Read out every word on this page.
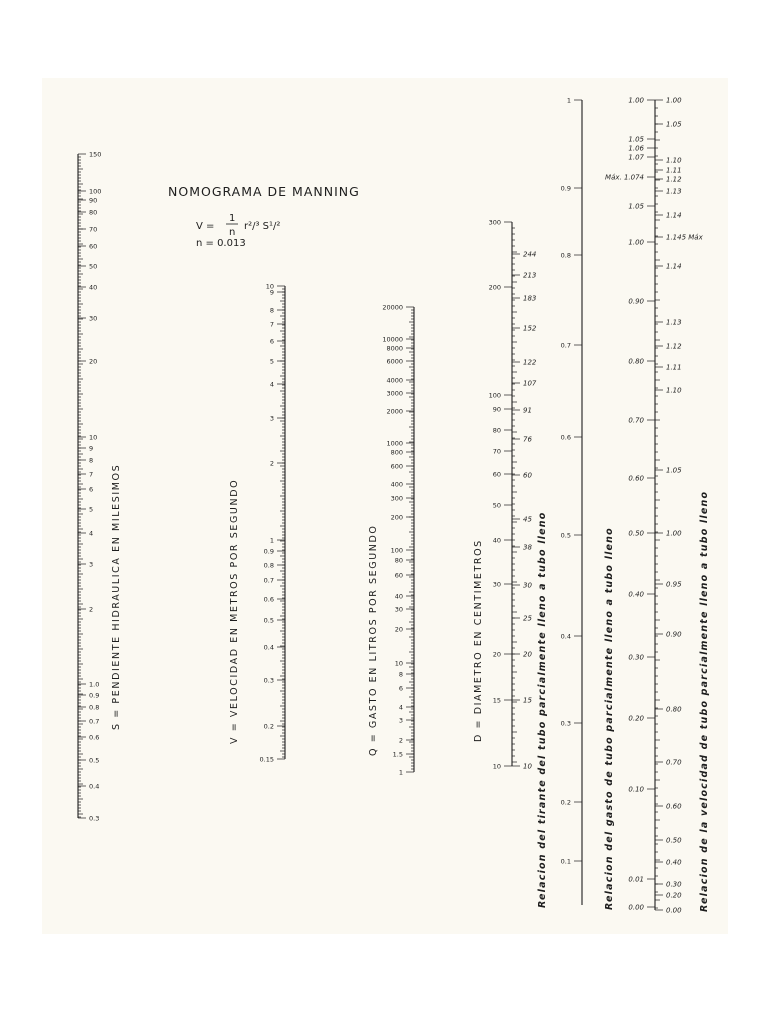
NOMOGRAMA DE MANNING
V =
1
n
r²/³ S¹/²
n = 0.013
S = PENDIENTE HIDRAULICA EN MILESIMOS	V = VELOCIDAD EN METROS POR SEGUNDO	Q = GASTO EN LITROS POR SEGUNDO	D = DIAMETRO EN CENTIMETROS	Relacion del tirante del tubo parcialmente lleno a tubo lleno	Relacion del gasto de tubo parcialmente lleno a tubo lleno	Relacion de la velocidad de tubo parcialmente lleno a tubo lleno
150
100
90
80
70
60
50
40
30
20
10
9
8
7
6
5
4
3
2
1.0
0.9
0.8
0.7
0.6
0.5
0.4
0.3
10
9
8
7
6
5
4
3
2
1
0.9
0.8
0.7
0.6
0.5
0.4
0.3
0.2
0.15
20000
10000
8000
6000
4000
3000
2000
1000
800
600
400
300
200
100
80
60
40
30
20
10
8
6
4
3
2
1.5
1
300
200
100
90
80
70
60
50
40
30
20
15
10
244
213
183
152
122
107
91
76
60
45
38
30
25
20
15
10
1
0.9
0.8
0.7
0.6
0.5
0.4
0.3
0.2
0.1
1.00
1.05
1.06
1.07
Máx. 1.074
1.05
1.00
0.90
0.80
0.70
0.60
0.50
0.40
0.30
0.20
0.10
0.01
0.00
1.00
1.05
1.10
1.11
1.12
1.13
1.14
1.145 Máx
1.14
1.13
1.12
1.11
1.10
1.05
1.00
0.95
0.90
0.80
0.70
0.60
0.50
0.40
0.30
0.20
0.00
